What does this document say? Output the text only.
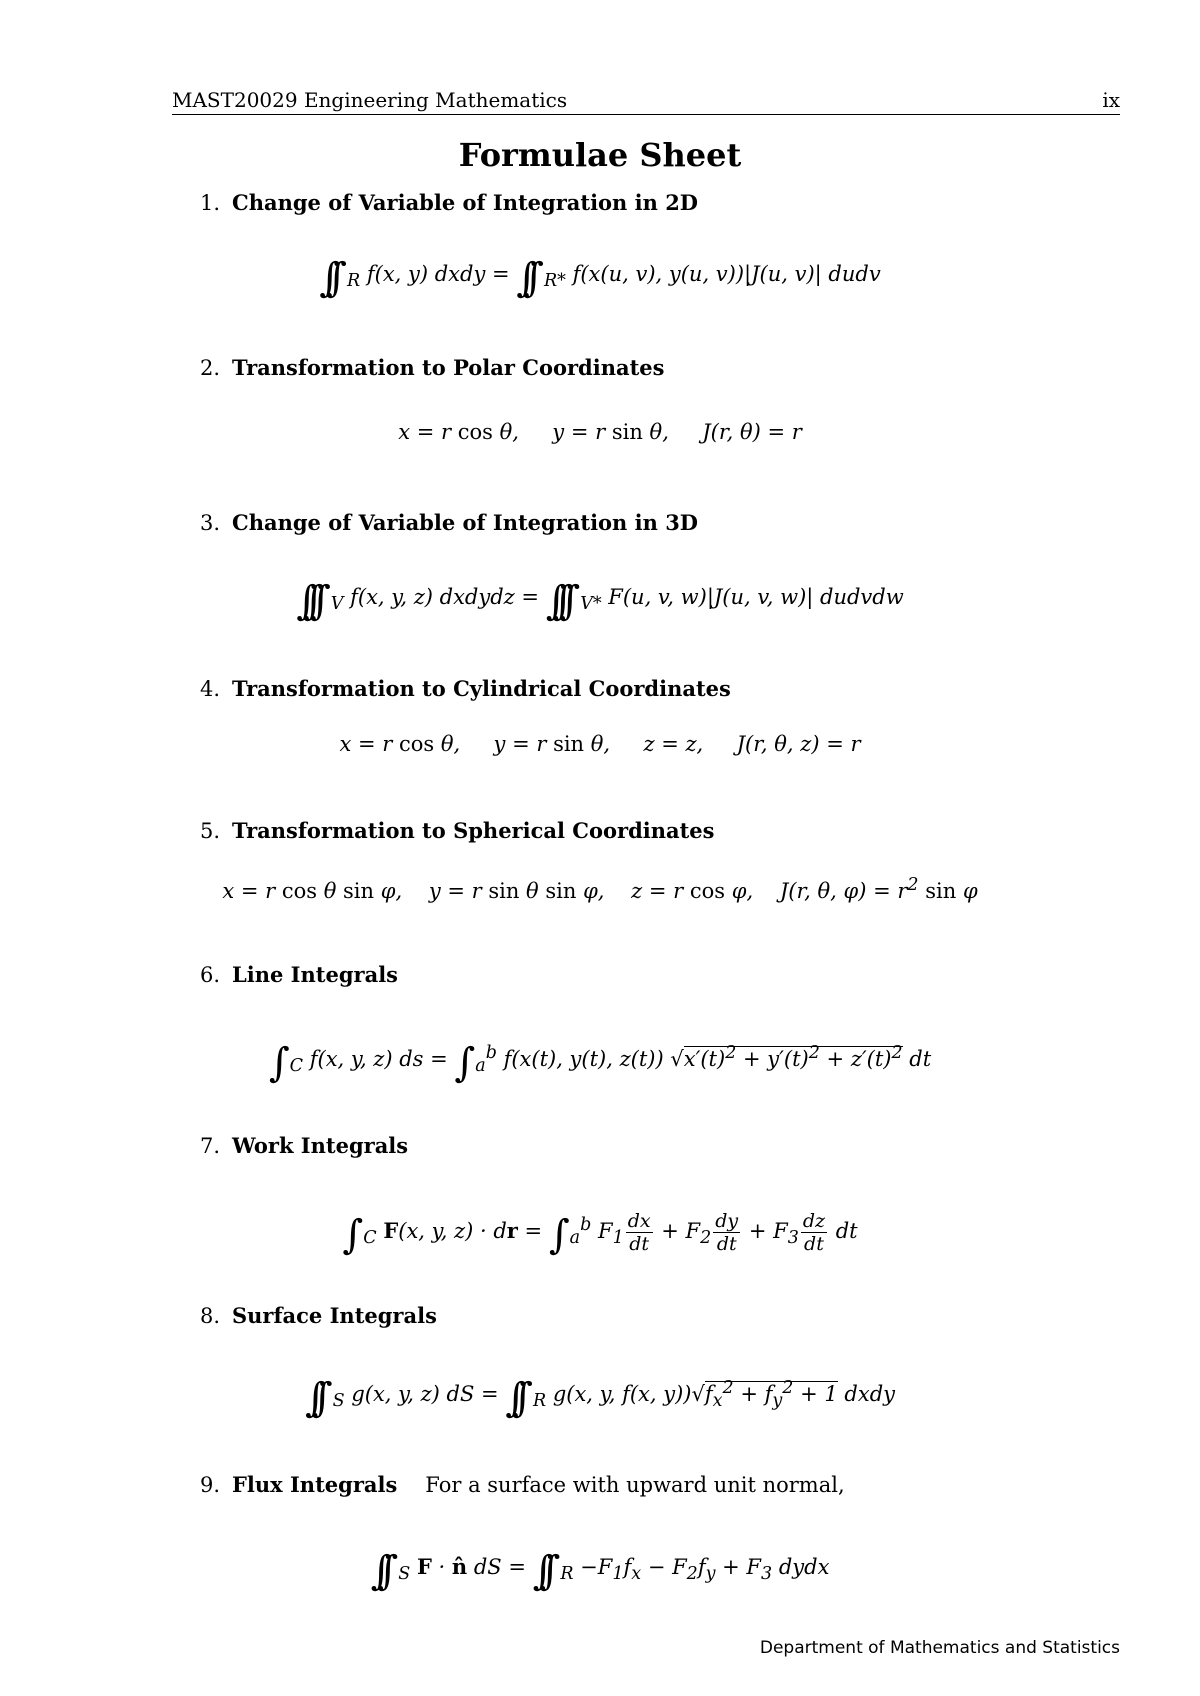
MAST20029 Engineering Mathematics	ix
Formulae Sheet
1. Change of Variable of Integration in 2D
∫∫ $_R$ f(x, y) dxdy = ∫∫ $_{R*}$ f(x(u, v), y(u, v))|J(u, v)| dudv
2. Transformation to Polar Coordinates
x = r cos θ,     y = r sin θ,     J(r, θ) = r
3. Change of Variable of Integration in 3D
∫∫∫ $_V$ f(x, y, z) dxdydz = ∫∫∫ $_{V*}$ F(u, v, w)|J(u, v, w)| dudvdw
4. Transformation to Cylindrical Coordinates
x = r cos θ,     y = r sin θ,     z = z,     J(r, θ, z) = r
5. Transformation to Spherical Coordinates
x = r cos θ sin φ,    y = r sin θ sin φ,    z = r cos φ,    J(r, θ, $\varphi) = r^2$ sin φ
6. Line Integrals
∫ $_C$ f(x, y, z) ds = ∫ $_a^b$ f(x(t), y(t), z(t)) $√x'(t)^2 + y'(t)^2 + z'(t)^2$ dt
7. Work Integrals
∫ $_C$ F(x, y, z) · dr = ∫ $_a^b$ $F_1 \frac{dx}{dt} + F_2 \frac{dy}{dt} + F_3 \frac{dz}{dt}$ dt
8. Surface Integrals
∫∫ $_S$ g(x, y, z) dS = ∫∫ $_R$ g(x, y, f(x, $y))√f_x^2 + f_y^2 + 1$ dxdy
9. Flux Integrals For a surface with upward unit normal,
∫∫ $_S$ F · n̂ dS = ∫∫ $_R -F_1f_x - F_2f_y + F_3$ dydx
Department of Mathematics and Statistics
